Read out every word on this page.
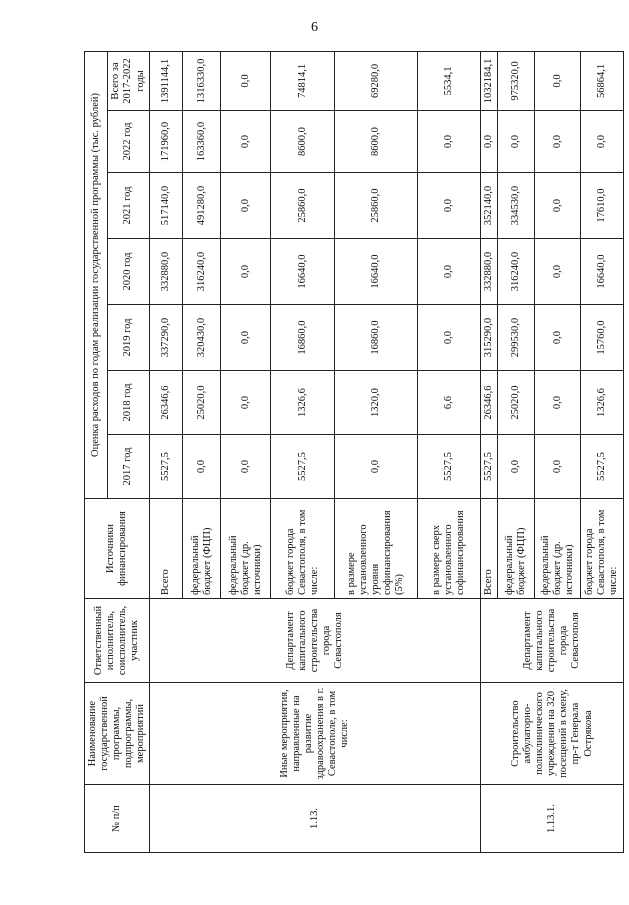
6
№ п/п	Наименование государственной программы, подпрограммы, мероприятий	Ответственный исполнитель, соисполнитель, участник	Источники финансирования	Оценка расходов по годам реализации государственной программы (тыс. рублей)						
				2017 год	2018 год	2019 год	2020 год	2021 год	2022 год	Всего за 2017-2022 годы
1.13.	Иные мероприятия, направленные на развитие здравоохранения в г. Севастополе, в том числе:	Департамент капитального строительства города Севастополя	Всего	5527,5	26346,6	337290,0	332880,0	517140,0	171960,0	1391144,1
			федеральный бюджет (ФЦП)	0,0	25020,0	320430,0	316240,0	491280,0	163360,0	1316330,0
			федеральный бюджет (др. источники)	0,0	0,0	0,0	0,0	0,0	0,0	0,0
			бюджет города Севастополя, в том числе:	5527,5	1326,6	16860,0	16640,0	25860,0	8600,0	74814,1
			в размере установленного уровня софинансирования (5%)	0,0	1320,0	16860,0	16640,0	25860,0	8600,0	69280,0
			в размере сверх установленного софинансирования	5527,5	6,6	0,0	0,0	0,0	0,0	5534,1
1.13.1.	Строительство амбулаторно-поликлинического учреждения на 320 посещений в смену, пр-т Генерала Острякова	Департамент капитального строительства города Севастополя	Всего	5527,5	26346,6	315290,0	332880,0	352140,0	0,0	1032184,1
			федеральный бюджет (ФЦП)	0,0	25020,0	299530,0	316240,0	334530,0	0,0	975320,0
			федеральный бюджет (др. источники)	0,0	0,0	0,0	0,0	0,0	0,0	0,0
			бюджет города Севастополя, в том числе:	5527,5	1326,6	15760,0	16640,0	17610,0	0,0	56864,1
